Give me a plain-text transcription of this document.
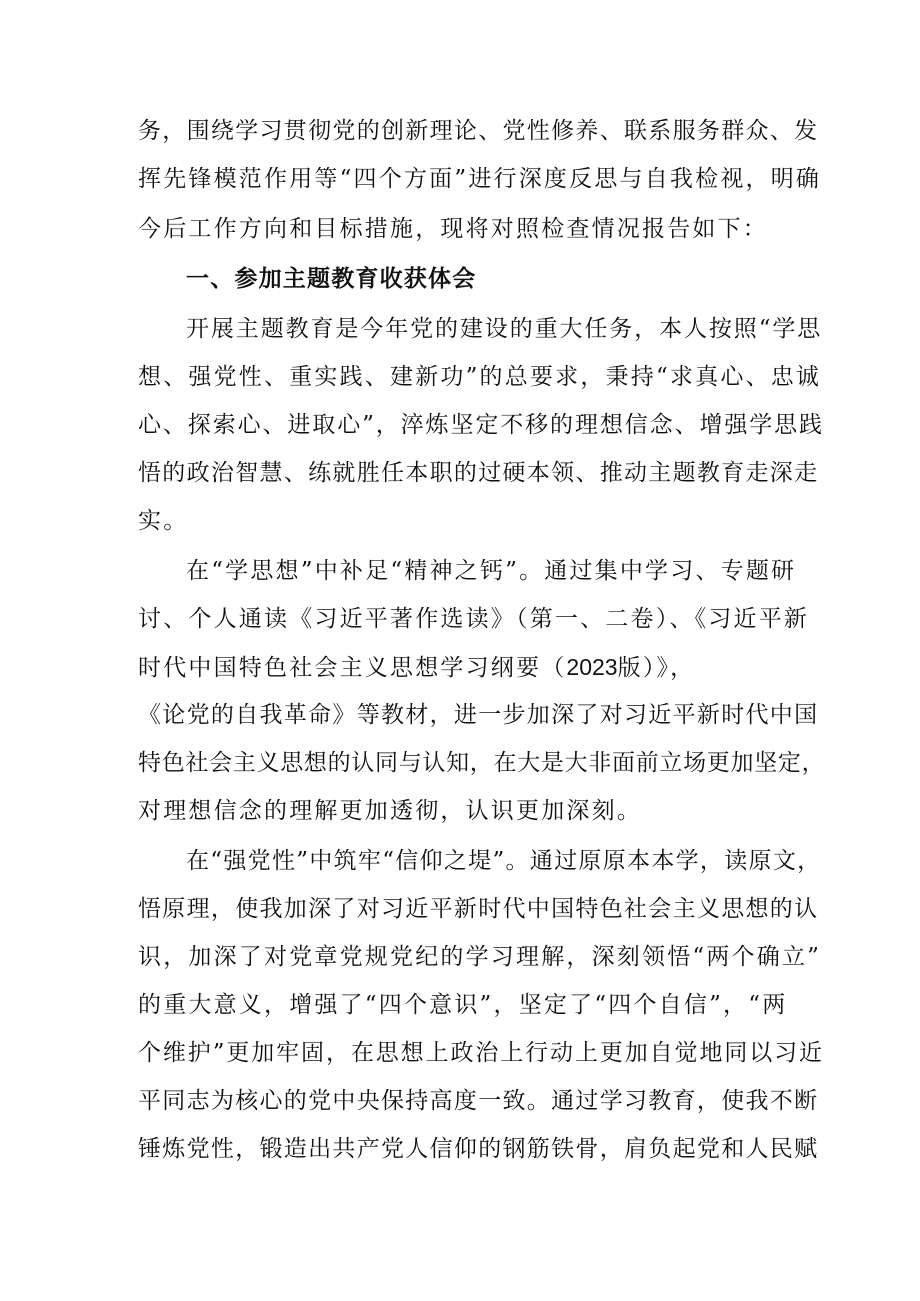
务，围绕学习贯彻党的创新理论、党性修养、联系服务群众、发
挥先锋模范作用等“四个方面”进行深度反思与自我检视，明确
今后工作方向和目标措施，现将对照检查情况报告如下：
一、参加主题教育收获体会
开展主题教育是今年党的建设的重大任务，本人按照“学思
想、强党性、重实践、建新功”的总要求，秉持“求真心、忠诚
心、探索心、进取心”，淬炼坚定不移的理想信念、增强学思践
悟的政治智慧、练就胜任本职的过硬本领、推动主题教育走深走
实。
在“学思想”中补足“精神之钙”。通过集中学习、专题研
讨、个人通读《习近平著作选读》（第一、二卷）、《习近平新
时代中国特色社会主义思想学习纲要（2023版）》，
《论党的自我革命》等教材，进一步加深了对习近平新时代中国
特色社会主义思想的认同与认知，在大是大非面前立场更加坚定，
对理想信念的理解更加透彻，认识更加深刻。
在“强党性”中筑牢“信仰之堤”。通过原原本本学，读原文，
悟原理，使我加深了对习近平新时代中国特色社会主义思想的认
识，加深了对党章党规党纪的学习理解，深刻领悟“两个确立”
的重大意义，增强了“四个意识”，坚定了“四个自信”，“两
个维护”更加牢固，在思想上政治上行动上更加自觉地同以习近
平同志为核心的党中央保持高度一致。通过学习教育，使我不断
锤炼党性，锻造出共产党人信仰的钢筋铁骨，肩负起党和人民赋
